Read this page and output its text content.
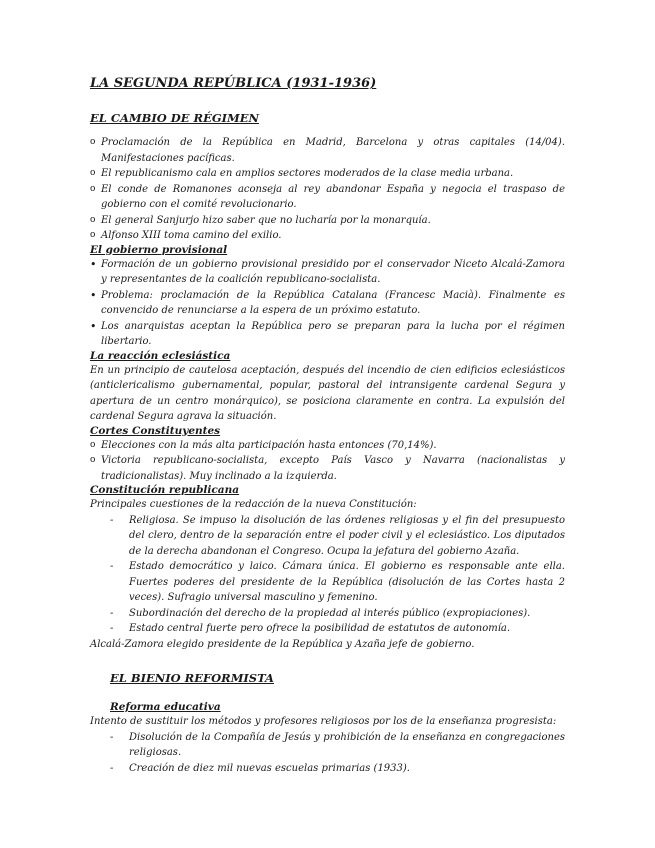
LA SEGUNDA REPÚBLICA (1931-1936)
EL CAMBIO DE RÉGIMEN
o Proclamación de la República en Madrid, Barcelona y otras capitales (14/04). Manifestaciones pacíficas.
o El republicanismo cala en amplios sectores moderados de la clase media urbana.
o El conde de Romanones aconseja al rey abandonar España y negocia el traspaso de gobierno con el comité revolucionario.
o El general Sanjurjo hizo saber que no lucharía por la monarquía.
o Alfonso XIII toma camino del exilio.
El gobierno provisional
• Formación de un gobierno provisional presidido por el conservador Niceto Alcalá-Zamora y representantes de la coalición republicano-socialista.
• Problema: proclamación de la República Catalana (Francesc Macià). Finalmente es convencido de renunciarse a la espera de un próximo estatuto.
• Los anarquistas aceptan la República pero se preparan para la lucha por el régimen libertario.
La reacción eclesiástica

En un principio de cautelosa aceptación, después del incendio de cien edificios eclesiásticos (anticlericalismo gubernamental, popular, pastoral del intransigente cardenal Segura y apertura de un centro monárquico), se posiciona claramente en contra. La expulsión del cardenal Segura agrava la situación.

Cortes Constituyentes
o Elecciones con la más alta participación hasta entonces (70,14%).
o Victoria republicano-socialista, excepto País Vasco y Navarra (nacionalistas y tradicionalistas). Muy inclinado a la izquierda.
Constitución republicana

Principales cuestiones de la redacción de la nueva Constitución:

- Religiosa. Se impuso la disolución de las órdenes religiosas y el fin del presupuesto del clero, dentro de la separación entre el poder civil y el eclesiástico. Los diputados de la derecha abandonan el Congreso. Ocupa la jefatura del gobierno Azaña.
- Estado democrático y laico. Cámara única. El gobierno es responsable ante ella. Fuertes poderes del presidente de la República (disolución de las Cortes hasta 2 veces). Sufragio universal masculino y femenino.
- Subordinación del derecho de la propiedad al interés público (expropiaciones).
- Estado central fuerte pero ofrece la posibilidad de estatutos de autonomía.

Alcalá-Zamora elegido presidente de la República y Azaña jefe de gobierno.

EL BIENIO REFORMISTA
Reforma educativa

Intento de sustituir los métodos y profesores religiosos por los de la enseñanza progresista:

- Disolución de la Compañía de Jesús y prohibición de la enseñanza en congregaciones religiosas.
- Creación de diez mil nuevas escuelas primarias (1933).
